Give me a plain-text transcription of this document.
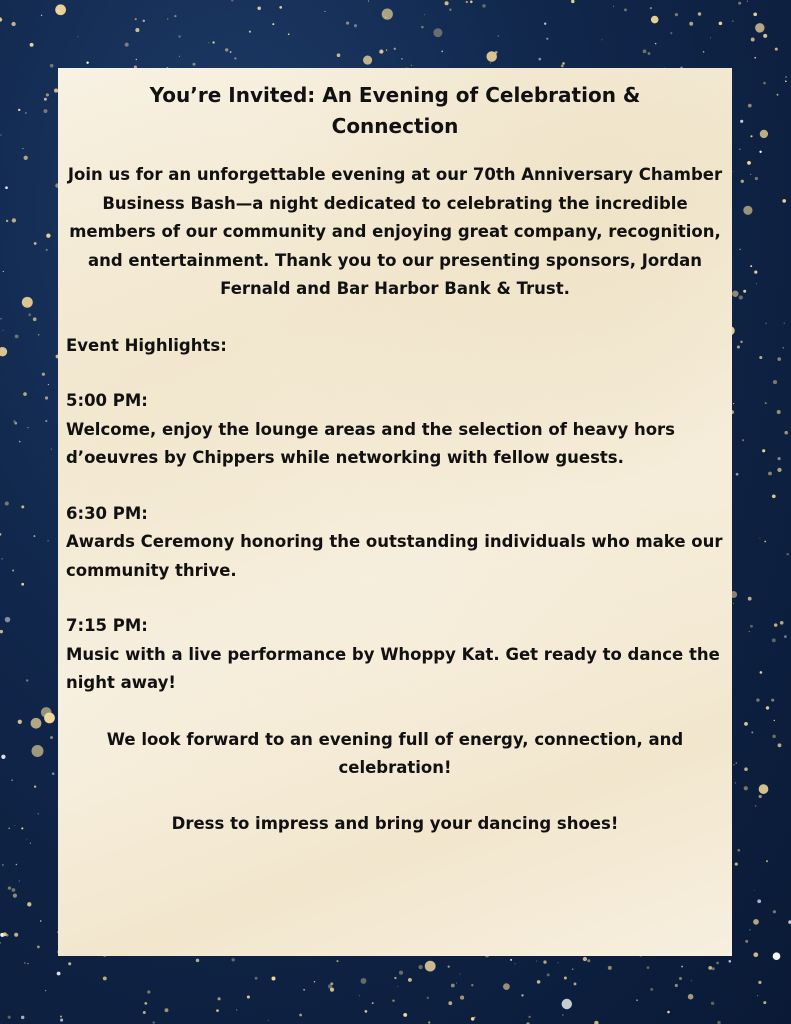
You’re Invited: An Evening of Celebration & Connection
Join us for an unforgettable evening at our 70th Anniversary Chamber Business Bash—a night dedicated to celebrating the incredible members of our community and enjoying great company, recognition, and entertainment. Thank you to our presenting sponsors, Jordan Fernald and Bar Harbor Bank & Trust.
Event Highlights:
5:00 PM:
Welcome, enjoy the lounge areas and the selection of heavy hors d’oeuvres by Chippers while networking with fellow guests.
6:30 PM:
Awards Ceremony honoring the outstanding individuals who make our community thrive.
7:15 PM:
Music with a live performance by Whoppy Kat. Get ready to dance the night away!
We look forward to an evening full of energy, connection, and celebration!
Dress to impress and bring your dancing shoes!
